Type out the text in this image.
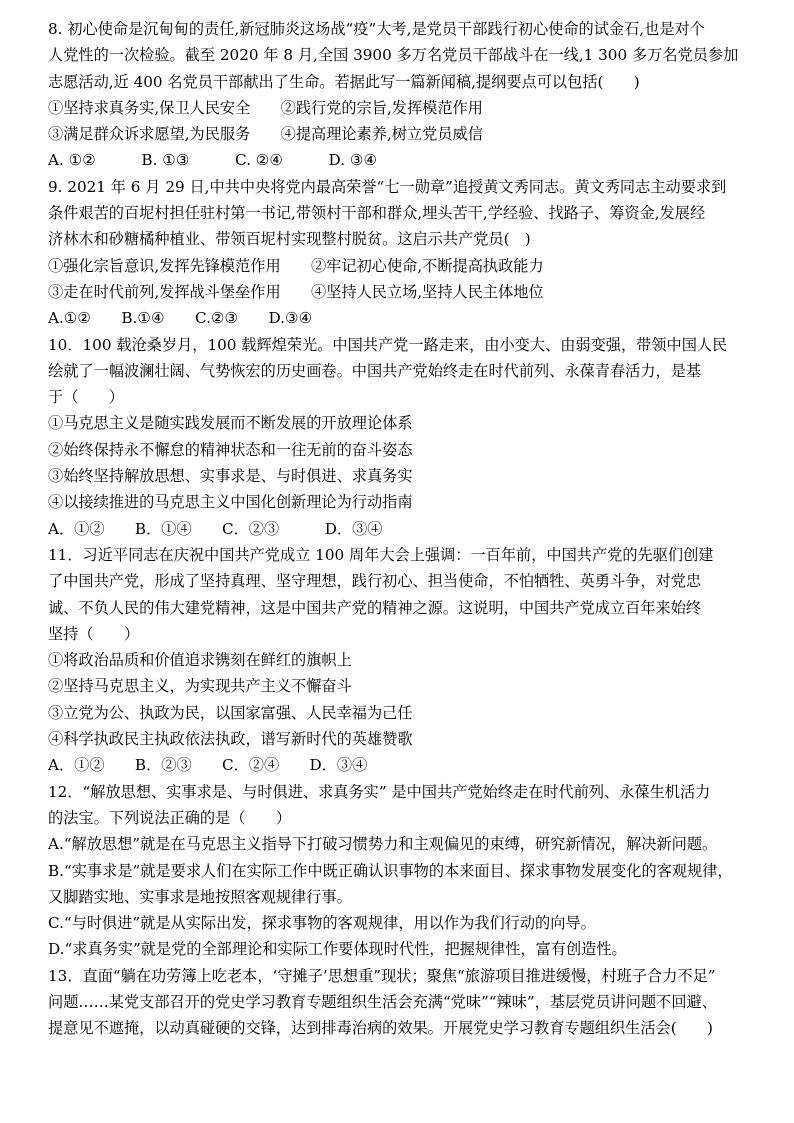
8. 初心使命是沉甸甸的责任,新冠肺炎这场战“疫”大考,是党员干部践行初心使命的试金石,也是对个
人党性的一次检验。截至 2020 年 8 月,全国 3900 多万名党员干部战斗在一线,1 300 多万名党员参加
志愿活动,近 400 名党员干部献出了生命。若据此写一篇新闻稿,提纲要点可以包括(　　)
①坚持求真务实,保卫人民安全　　②践行党的宗旨,发挥模范作用
③满足群众诉求愿望,为民服务　　④提高理论素养,树立党员威信
A. ①②　　　B. ①③　　　C. ②④　　　D. ③④
9. 2021 年 6 月 29 日,中共中央将党内最高荣誉“七一勋章”追授黄文秀同志。黄文秀同志主动要求到
条件艰苦的百坭村担任驻村第一书记,带领村干部和群众,埋头苦干,学经验、找路子、筹资金,发展经
济林木和砂糖橘种植业、带领百坭村实现整村脱贫。这启示共产党员(　)
①强化宗旨意识,发挥先锋模范作用　　②牢记初心使命,不断提高执政能力
③走在时代前列,发挥战斗堡垒作用　　④坚持人民立场,坚持人民主体地位
A.①②　　B.①④　　C.②③　　D.③④
10．100 载沧桑岁月，100 载辉煌荣光。中国共产党一路走来，由小变大、由弱变强，带领中国人民
绘就了一幅波澜壮阔、气势恢宏的历史画卷。中国共产党始终走在时代前列、永葆青春活力，是基
于（　　）
①马克思主义是随实践发展而不断发展的开放理论体系
②始终保持永不懈怠的精神状态和一往无前的奋斗姿态
③始终坚持解放思想、实事求是、与时俱进、求真务实
④以接续推进的马克思主义中国化创新理论为行动指南
A．①②　　B．①④　　C．②③　　　D．③④
11．习近平同志在庆祝中国共产党成立 100 周年大会上强调：一百年前，中国共产党的先驱们创建
了中国共产党，形成了坚持真理、坚守理想，践行初心、担当使命，不怕牺牲、英勇斗争，对党忠
诚、不负人民的伟大建党精神，这是中国共产党的精神之源。这说明，中国共产党成立百年来始终
坚持（　　）
①将政治品质和价值追求镌刻在鲜红的旗帜上
②坚持马克思主义，为实现共产主义不懈奋斗
③立党为公、执政为民，以国家富强、人民幸福为己任
④科学执政民主执政依法执政，谱写新时代的英雄赞歌
A．①②　　B．②③　　C．②④　　D．③④
12．“解放思想、实事求是、与时俱进、求真务实” 是中国共产党始终走在时代前列、永葆生机活力
的法宝。下列说法正确的是（　　）
A.“解放思想”就是在马克思主义指导下打破习惯势力和主观偏见的束缚，研究新情况，解决新问题。
B.“实事求是”就是要求人们在实际工作中既正确认识事物的本来面目、探求事物发展变化的客观规律，
又脚踏实地、实事求是地按照客观规律行事。
C.“与时俱进”就是从实际出发，探求事物的客观规律，用以作为我们行动的向导。
D.“求真务实”就是党的全部理论和实际工作要体现时代性，把握规律性，富有创造性。
13．直面“躺在功劳簿上吃老本，‘守摊子’思想重”现状；聚焦“旅游项目推进缓慢，村班子合力不足”
问题……某党支部召开的党史学习教育专题组织生活会充满“党味”“辣味”，基层党员讲问题不回避、
提意见不遮掩，以动真碰硬的交锋，达到排毒治病的效果。开展党史学习教育专题组织生活会(　　)
